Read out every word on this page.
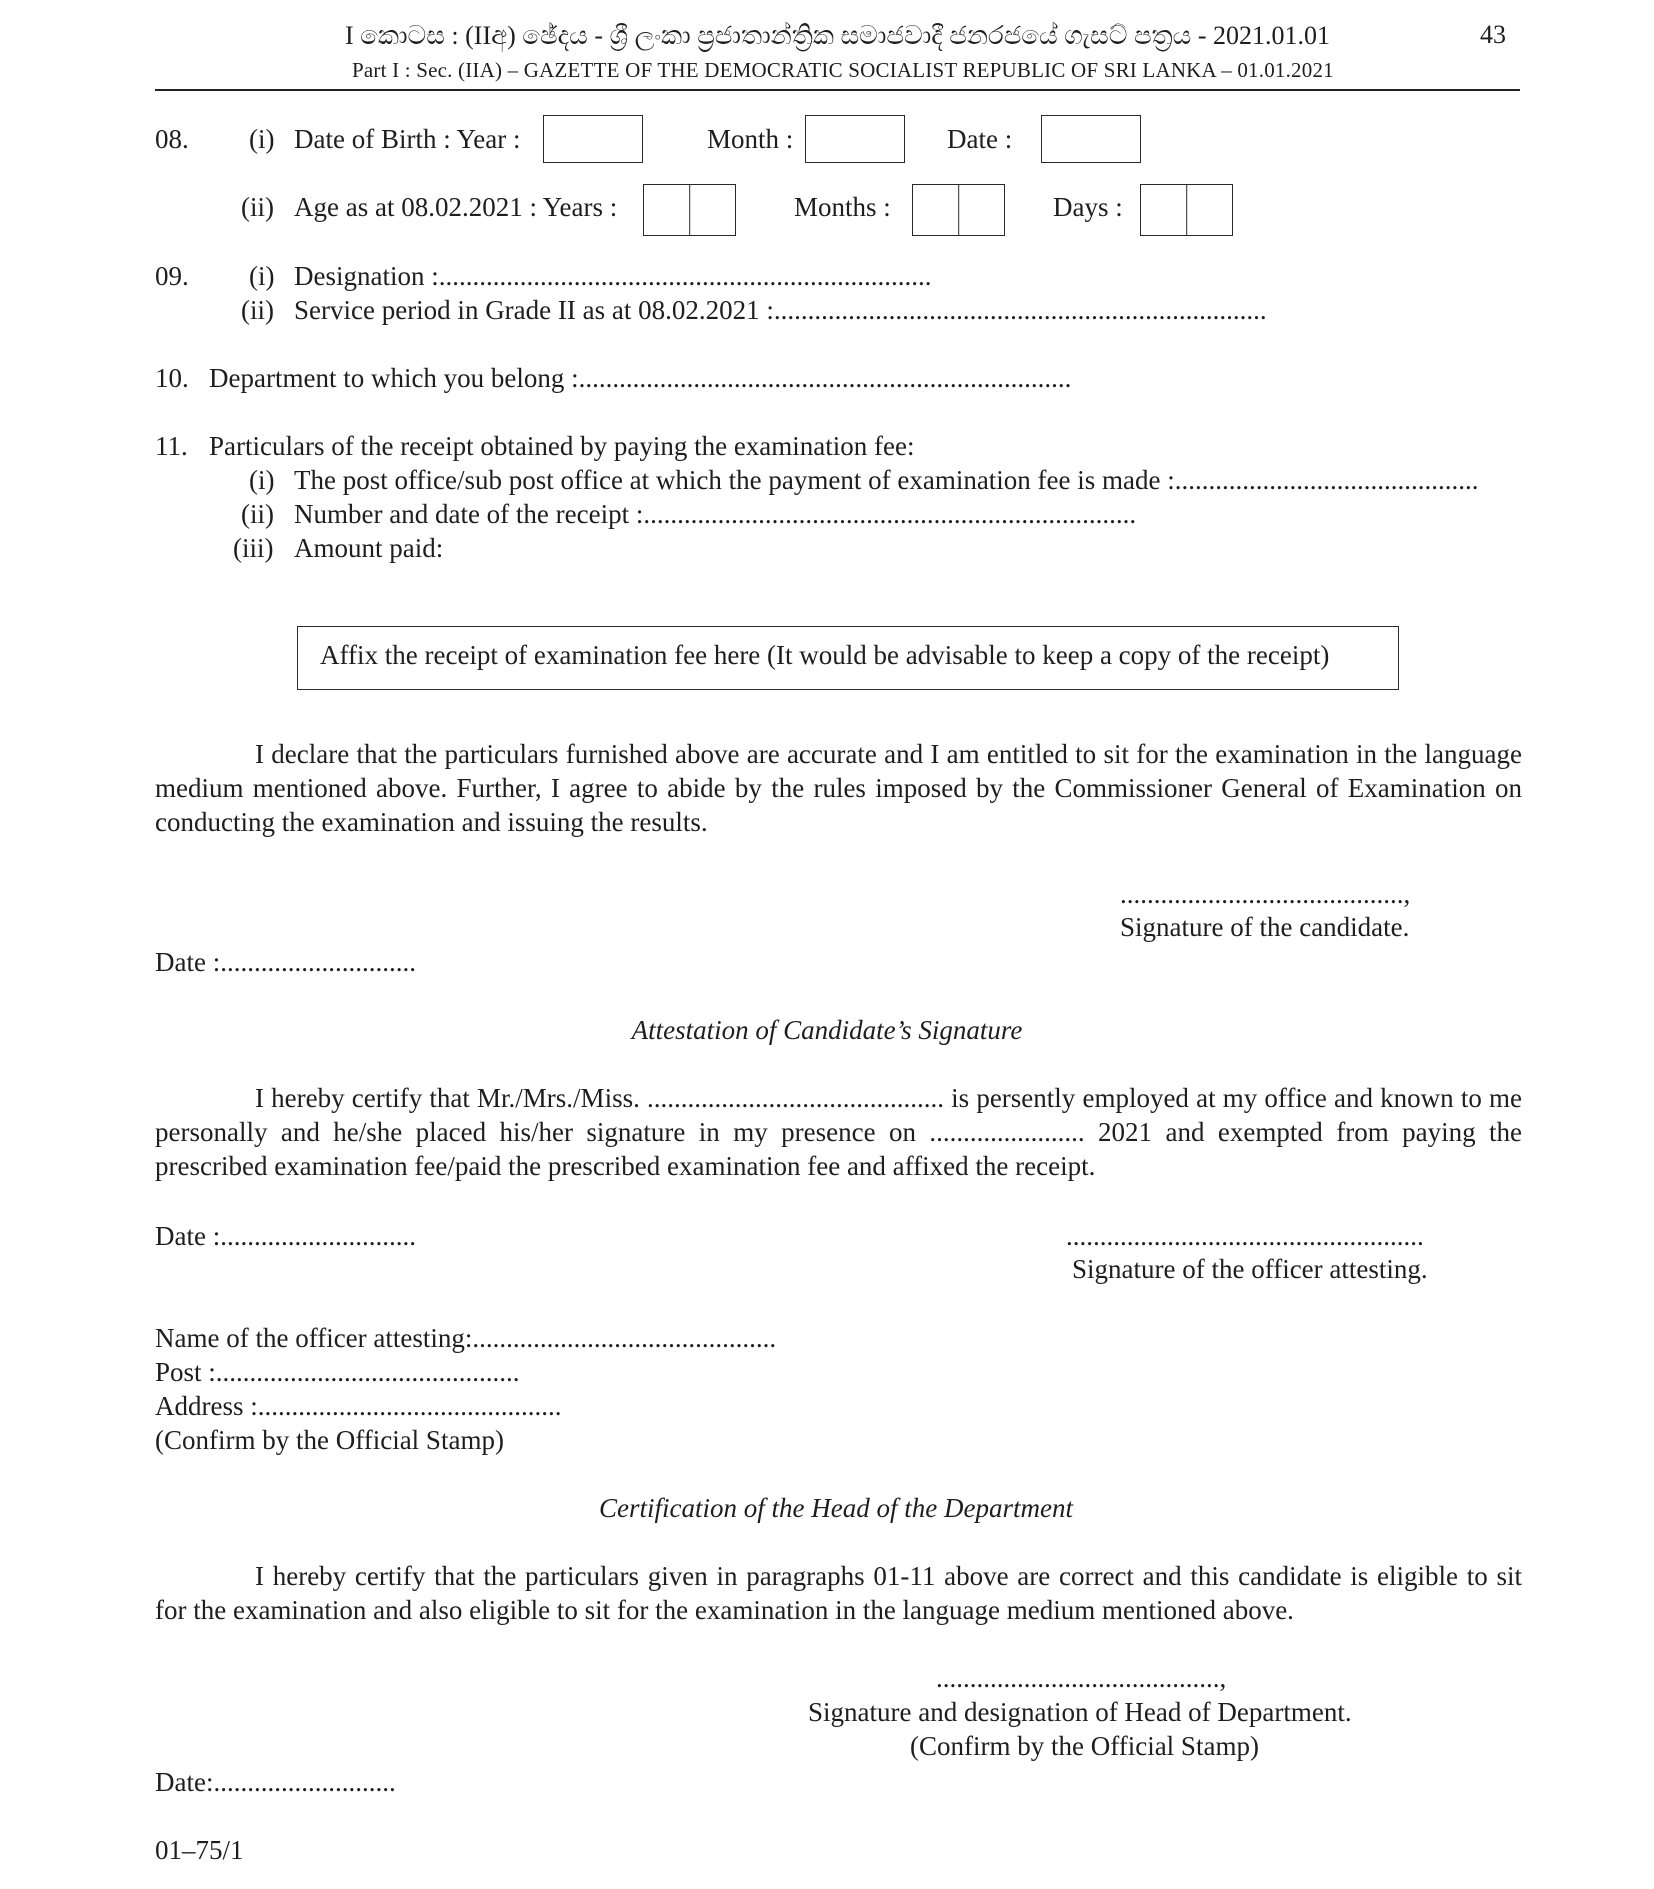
I කොටස : (IIඅ) ඡේදය - ශ්‍රී ලංකා ප්‍රජාතාන්ත්‍රික සමාජවාදී ජනරජයේ ගැසට් පත්‍රය - 2021.01.01	43
Part I : Sec. (IIA) – GAZETTE OF THE DEMOCRATIC SOCIALIST REPUBLIC OF SRI LANKA – 01.01.2021
08. (i) Date of Birth : Year :	Month :	Date :
(ii) Age as at 08.02.2021 : Years :	Months :	Days :
09. (i) Designation :.........................................................................
(ii) Service period in Grade II as at 08.02.2021 :.........................................................................
10. Department to which you belong :.........................................................................
11. Particulars of the receipt obtained by paying the examination fee:
(i) The post office/sub post office at which the payment of examination fee is made :.............................................
(ii) Number and date of the receipt :.........................................................................
(iii) Amount paid:
Affix the receipt of examination fee here (It would be advisable to keep a copy of the receipt)

I declare that the particulars furnished above are accurate and I am entitled to sit for the examination in the language medium mentioned above. Further, I agree to abide by the rules imposed by the Commissioner General of Examination on conducting the examination and issuing the results.

..........................................,
Signature of the candidate.
Date :.............................
Attestation of Candidate’s Signature

I hereby certify that Mr./Mrs./Miss. ............................................ is persently employed at my office and known to me personally and he/she placed his/her signature in my presence on ....................... 2021 and exempted from paying the prescribed examination fee/paid the prescribed examination fee and affixed the receipt.

Date :.............................	.....................................................
Signature of the officer attesting.
Name of the officer attesting:.............................................
Post :.............................................
Address :.............................................
(Confirm by the Official Stamp)
Certification of the Head of the Department

I hereby certify that the particulars given in paragraphs 01-11 above are correct and this candidate is eligible to sit for the examination and also eligible to sit for the examination in the language medium mentioned above.

..........................................,
Signature and designation of Head of Department.
(Confirm by the Official Stamp)
Date:...........................
01–75/1
